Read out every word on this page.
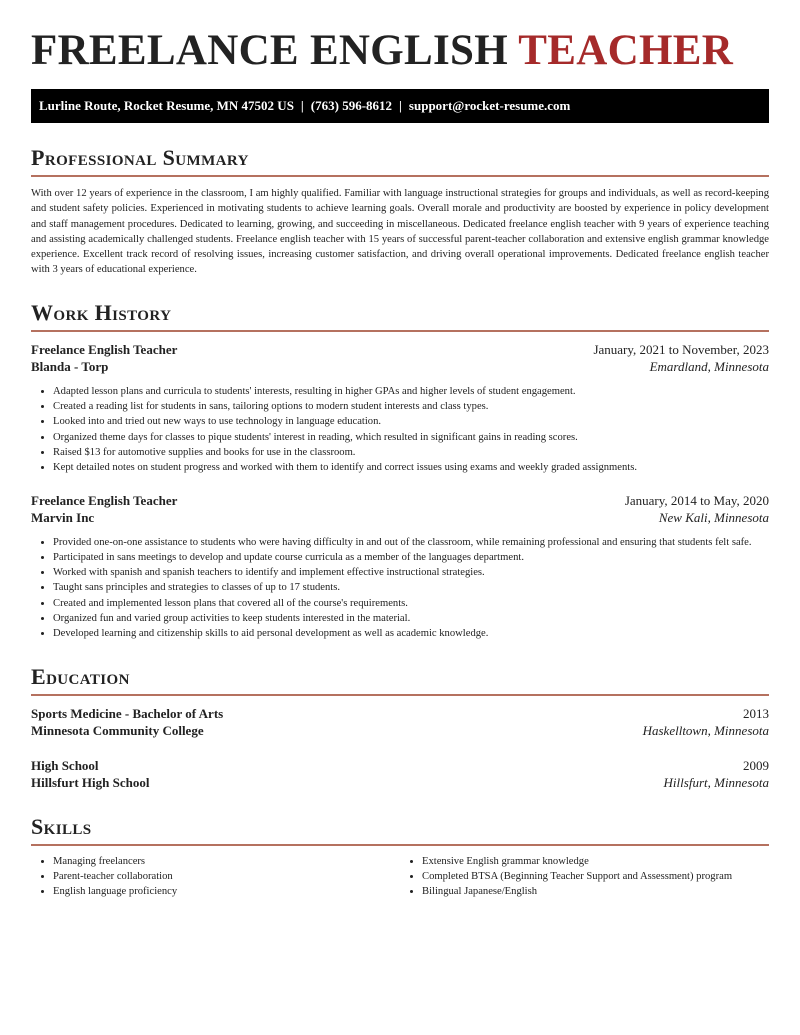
FREELANCE ENGLISH TEACHER
Lurline Route, Rocket Resume, MN 47502 US | (763) 596-8612 | support@rocket-resume.com
Professional Summary

With over 12 years of experience in the classroom, I am highly qualified. Familiar with language instructional strategies for groups and individuals, as well as record-keeping and student safety policies. Experienced in motivating students to achieve learning goals. Overall morale and productivity are boosted by experience in policy development and staff management procedures. Dedicated to learning, growing, and succeeding in miscellaneous. Dedicated freelance english teacher with 9 years of experience teaching and assisting academically challenged students. Freelance english teacher with 15 years of successful parent-teacher collaboration and extensive english grammar knowledge experience. Excellent track record of resolving issues, increasing customer satisfaction, and driving overall operational improvements. Dedicated freelance english teacher with 3 years of educational experience.

Work History
Freelance English Teacher	January, 2021 to November, 2023
Blanda - Torp	Emardland, Minnesota
• Adapted lesson plans and curricula to students' interests, resulting in higher GPAs and higher levels of student engagement.
• Created a reading list for students in sans, tailoring options to modern student interests and class types.
• Looked into and tried out new ways to use technology in language education.
• Organized theme days for classes to pique students' interest in reading, which resulted in significant gains in reading scores.
• Raised $13 for automotive supplies and books for use in the classroom.
• Kept detailed notes on student progress and worked with them to identify and correct issues using exams and weekly graded assignments.
Freelance English Teacher	January, 2014 to May, 2020
Marvin Inc	New Kali, Minnesota
• Provided one-on-one assistance to students who were having difficulty in and out of the classroom, while remaining professional and ensuring that students felt safe.
• Participated in sans meetings to develop and update course curricula as a member of the languages department.
• Worked with spanish and spanish teachers to identify and implement effective instructional strategies.
• Taught sans principles and strategies to classes of up to 17 students.
• Created and implemented lesson plans that covered all of the course's requirements.
• Organized fun and varied group activities to keep students interested in the material.
• Developed learning and citizenship skills to aid personal development as well as academic knowledge.
Education
Sports Medicine - Bachelor of Arts	2013
Minnesota Community College	Haskelltown, Minnesota
High School	2009
Hillsfurt High School	Hillsfurt, Minnesota
Skills
• Managing freelancers
• Parent-teacher collaboration
• English language proficiency
• Extensive English grammar knowledge
• Completed BTSA (Beginning Teacher Support and Assessment) program
• Bilingual Japanese/English
